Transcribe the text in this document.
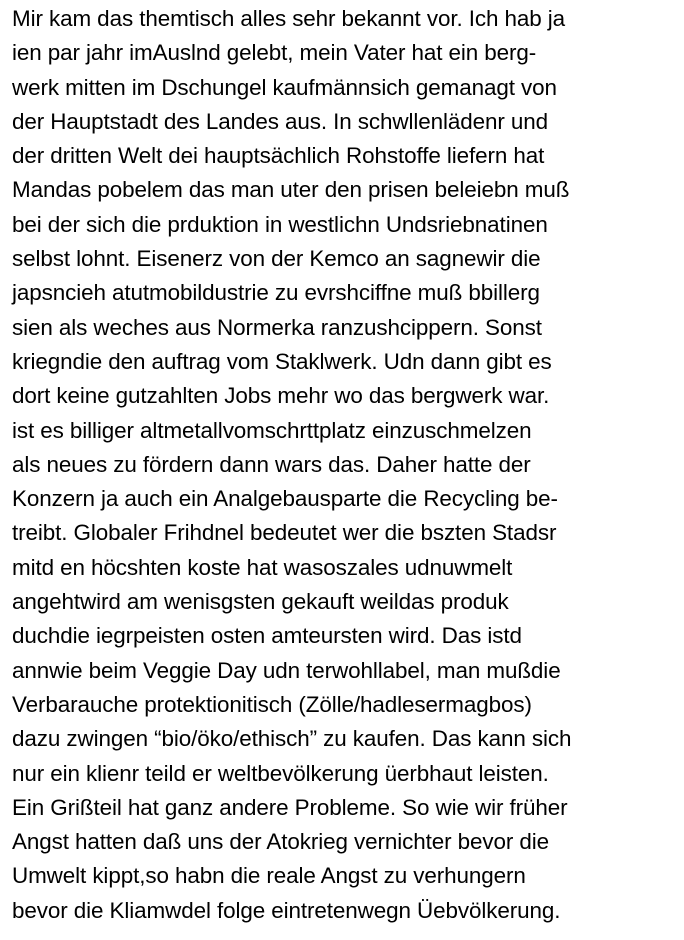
Mir kam das themtisch alles sehr bekannt vor. Ich hab ja
ien par jahr imAuslnd gelebt, mein Vater hat ein berg-
werk mitten im Dschungel kaufmännsich gemanagt von
der Hauptstadt des Landes aus. In schwllenlädenr und
der dritten Welt dei hauptsächlich Rohstoffe liefern hat
Mandas pobelem das man uter den prisen beleiebn muß
bei der sich die prduktion in westlichn Undsriebnatinen
selbst lohnt. Eisenerz von der Kemco an sagnewir die
japsncieh atutmobildustrie zu evrshciffne muß bbillerg
sien als weches aus Normerka ranzushcippern. Sonst
kriegndie den auftrag vom Staklwerk. Udn dann gibt es
dort keine gutzahlten Jobs mehr wo das bergwerk war.
ist es billiger altmetallvomschrttplatz einzuschmelzen
als neues zu fördern dann wars das. Daher hatte der
Konzern ja auch ein Analgebausparte die Recycling be-
treibt. Globaler Frihdnel bedeutet wer die bszten Stadsr
mitd en höcshten koste hat wasoszales udnuwmelt
angehtwird am wenisgsten gekauft weildas produk
duchdie iegrpeisten osten amteursten wird. Das istd
annwie beim Veggie Day udn terwohllabel, man mußdie
Verbarauche protektionitisch (Zölle/hadlesermagbos)
dazu zwingen “bio/öko/ethisch” zu kaufen. Das kann sich
nur ein klienr teild er weltbevölkerung üerbhaut leisten.
Ein Grißteil hat ganz andere Probleme. So wie wir früher
Angst hatten daß uns der Atokrieg vernichter bevor die
Umwelt kippt,so habn die reale Angst zu verhungern
bevor die Kliamwdel folge eintretenwegn Üebvölkerung.
